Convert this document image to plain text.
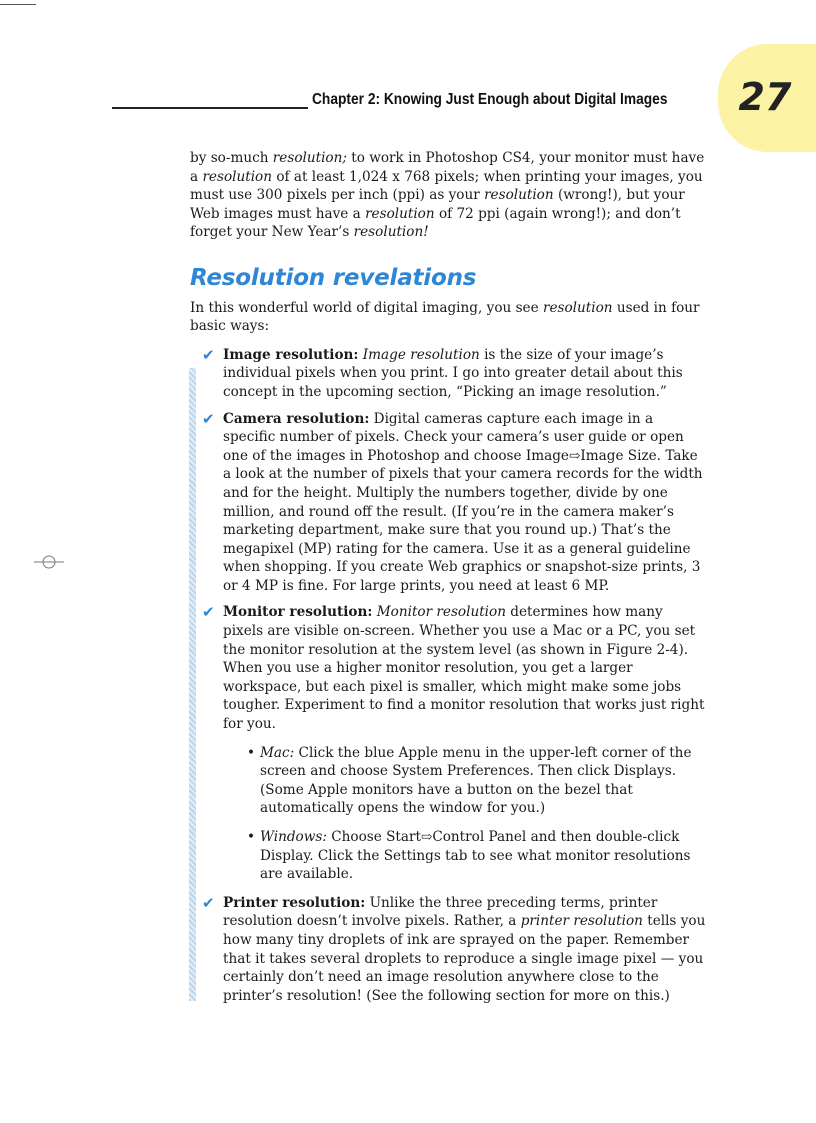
27
Chapter 2: Knowing Just Enough about Digital Images

by so-much resolution; to work in Photoshop CS4, your monitor must have a resolution of at least 1,024 x 768 pixels; when printing your images, you must use 300 pixels per inch (ppi) as your resolution (wrong!), but your Web images must have a resolution of 72 ppi (again wrong!); and don’t forget your New Year’s resolution!

Resolution revelations

In this wonderful world of digital imaging, you see resolution used in four basic ways:

✔ Image resolution: Image resolution is the size of your image’s individual pixels when you print. I go into greater detail about this concept in the upcoming section, “Picking an image resolution.”
✔ Camera resolution: Digital cameras capture each image in a specific number of pixels. Check your camera’s user guide or open one of the images in Photoshop and choose Image⇨Image Size. Take a look at the number of pixels that your camera records for the width and for the height. Multiply the numbers together, divide by one million, and round off the result. (If you’re in the camera maker’s marketing department, make sure that you round up.) That’s the megapixel (MP) rating for the camera. Use it as a general guideline when shopping. If you create Web graphics or snapshot-size prints, 3 or 4 MP is fine. For large prints, you need at least 6 MP.
✔ Monitor resolution: Monitor resolution determines how many pixels are visible on-screen. Whether you use a Mac or a PC, you set the monitor resolution at the system level (as shown in Figure 2-4). When you use a higher monitor resolution, you get a larger workspace, but each pixel is smaller, which might make some jobs tougher. Experiment to find a monitor resolution that works just right for you.
• Mac: Click the blue Apple menu in the upper-left corner of the screen and choose System Preferences. Then click Displays. (Some Apple monitors have a button on the bezel that automatically opens the window for you.)
• Windows: Choose Start⇨Control Panel and then double-click Display. Click the Settings tab to see what monitor resolutions are available.
✔ Printer resolution: Unlike the three preceding terms, printer resolution doesn’t involve pixels. Rather, a printer resolution tells you how many tiny droplets of ink are sprayed on the paper. Remember that it takes several droplets to reproduce a single image pixel — you certainly don’t need an image resolution anywhere close to the printer’s resolution! (See the following section for more on this.)
